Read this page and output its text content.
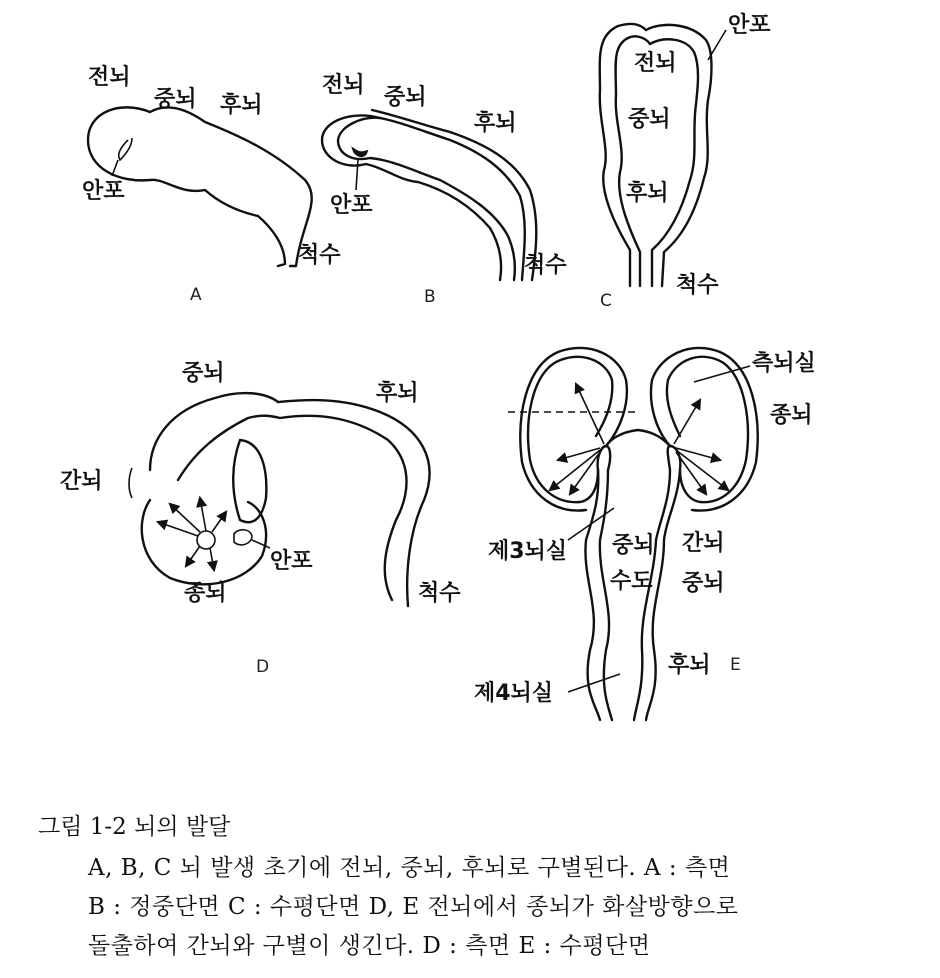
전뇌
중뇌 후뇌
안포
척수
A
전뇌 중뇌
후뇌
안포
척수
B
안포
전뇌
중뇌
후뇌
척수
C
중뇌
후뇌
간뇌
안포
종뇌	척수
D
측뇌실
종뇌
제3뇌실 중뇌
수도
간뇌
중뇌
후뇌
제4뇌실
E
그림 1-2 뇌의 발달
A, B, C 뇌 발생 초기에 전뇌, 중뇌, 후뇌로 구별된다. A : 측면
B : 정중단면 C : 수평단면 D, E 전뇌에서 종뇌가 화살방향으로
돌출하여 간뇌와 구별이 생긴다. D : 측면 E : 수평단면
